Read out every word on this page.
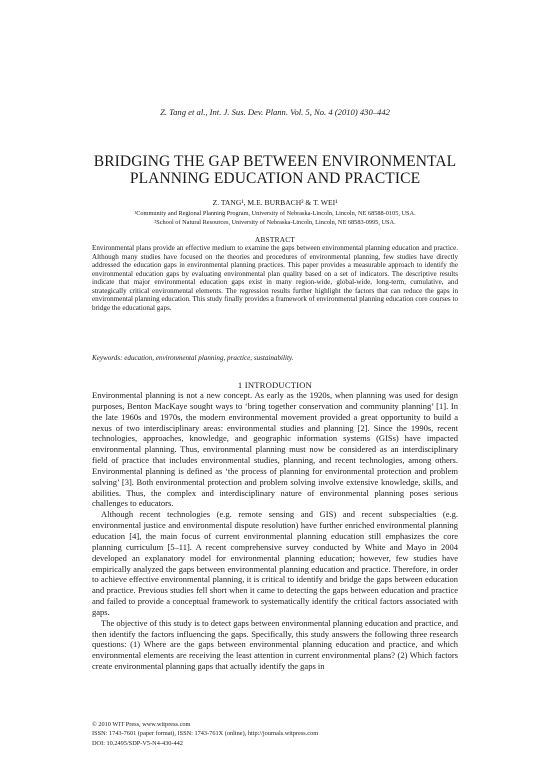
Z. Tang et al., Int. J. Sus. Dev. Plann. Vol. 5, No. 4 (2010) 430–442
BRIDGING THE GAP BETWEEN ENVIRONMENTAL
PLANNING EDUCATION AND PRACTICE
Z. TANG¹, M.E. BURBACH² & T. WEI¹
¹Community and Regional Planning Program, University of Nebraska-Lincoln, Lincoln, NE 68588-0105, USA.
²School of Natural Resources, University of Nebraska-Lincoln, Lincoln, NE 68583-0995, USA.
ABSTRACT

Environmental plans provide an effective medium to examine the gaps between environmental planning education and practice. Although many studies have focused on the theories and procedures of environmental planning, few studies have directly addressed the education gaps in environmental planning practices. This paper provides a measurable approach to identify the environmental education gaps by evaluating environmental plan quality based on a set of indicators. The descriptive results indicate that major environmental education gaps exist in many region-wide, global-wide, long-term, cumulative, and strategically critical environmental elements. The regression results further highlight the factors that can reduce the gaps in environmental planning education. This study finally provides a framework of environmental planning education core courses to bridge the educational gaps.

Keywords: education, environmental planning, practice, sustainability.
1 INTRODUCTION

Environmental planning is not a new concept. As early as the 1920s, when planning was used for design purposes, Benton MacKaye sought ways to ‘bring together conservation and community planning’ [1]. In the late 1960s and 1970s, the modern environmental movement provided a great opportunity to build a nexus of two interdisciplinary areas: environmental studies and planning [2]. Since the 1990s, recent technologies, approaches, knowledge, and geographic information systems (GISs) have impacted environmental planning. Thus, environmental planning must now be considered as an interdisciplinary field of practice that includes environmental studies, planning, and recent technologies, among others. Environmental planning is defined as ‘the process of planning for environmental protection and problem solving’ [3]. Both environmental protection and problem solving involve extensive knowledge, skills, and abilities. Thus, the complex and interdisciplinary nature of environmental planning poses serious challenges to educators.

Although recent technologies (e.g. remote sensing and GIS) and recent subspecialties (e.g. environmental justice and environmental dispute resolution) have further enriched environmental planning education [4], the main focus of current environmental planning education still emphasizes the core planning curriculum [5–11]. A recent comprehensive survey conducted by White and Mayo in 2004 developed an explanatory model for environmental planning education; however, few studies have empirically analyzed the gaps between environmental planning education and practice. Therefore, in order to achieve effective environmental planning, it is critical to identify and bridge the gaps between education and practice. Previous studies fell short when it came to detecting the gaps between education and practice and failed to provide a conceptual framework to systematically identify the critical factors associated with gaps.

The objective of this study is to detect gaps between environmental planning education and practice, and then identify the factors influencing the gaps. Specifically, this study answers the following three research questions: (1) Where are the gaps between environmental planning education and practice, and which environmental elements are receiving the least attention in current environmental plans? (2) Which factors create environmental planning gaps that actually identify the gaps in

© 2010 WIT Press, www.witpress.com
ISSN: 1743-7601 (paper format), ISSN: 1743-761X (online), http://journals.witpress.com
DOI: 10.2495/SDP-V5-N4-430-442
